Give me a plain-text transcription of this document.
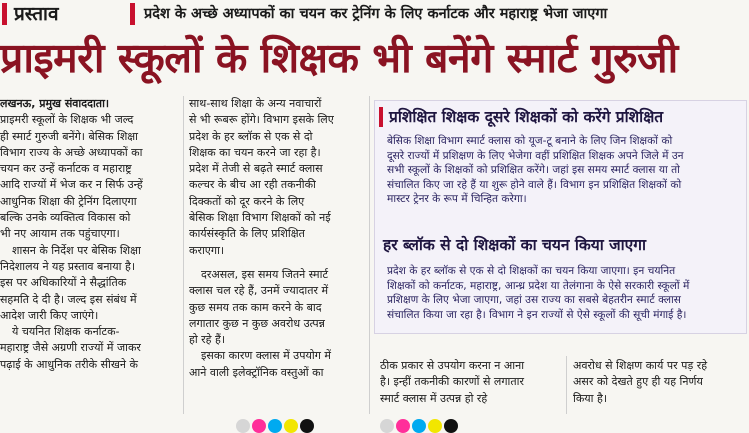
प्रस्ताव	प्रदेश के अच्छे अध्यापकों का चयन कर ट्रेनिंग के लिए कर्नाटक और महाराष्ट्र भेजा जाएगा
प्राइमरी स्कूलों के शिक्षक भी बनेंगे स्मार्ट गुरुजी

लखनऊ, प्रमुख संवाददाता।

प्राइमरी स्कूलों के शिक्षक भी जल्द

ही स्मार्ट गुरुजी बनेंगे। बेसिक शिक्षा

विभाग राज्य के अच्छे अध्यापकों का

चयन कर उन्हें कर्नाटक व महाराष्ट्र

आदि राज्यों में भेज कर न सिर्फ उन्हें

आधुनिक शिक्षा की ट्रेनिंग दिलाएगा

बल्कि उनके व्यक्तित्व विकास को

भी नए आयाम तक पहुंचाएगा।

शासन के निर्देश पर बेसिक शिक्षा

निदेशालय ने यह प्रस्ताव बनाया है।

इस पर अधिकारियों ने सैद्धांतिक

सहमति दे दी है। जल्द इस संबंध में

आदेश जारी किए जाएंगे।

ये चयनित शिक्षक कर्नाटक-

महाराष्ट्र जैसे अग्रणी राज्यों में जाकर

पढ़ाई के आधुनिक तरीके सीखने के

साथ-साथ शिक्षा के अन्य नवाचारों

से भी रूबरू होंगे। विभाग इसके लिए

प्रदेश के हर ब्लॉक से एक से दो

शिक्षक का चयन करने जा रहा है।

प्रदेश में तेजी से बढ़ते स्मार्ट क्लास

कल्चर के बीच आ रही तकनीकी

दिक्कतों को दूर करने के लिए

बेसिक शिक्षा विभाग शिक्षकों को नई

कार्यसंस्कृति के लिए प्रशिक्षित

कराएगा।

दरअसल, इस समय जितने स्मार्ट

क्लास चल रहे हैं, उनमें ज्यादातर में

कुछ समय तक काम करने के बाद

लगातार कुछ न कुछ अवरोध उत्पन्न

हो रहे हैं।

इसका कारण क्लास में उपयोग में

आने वाली इलेक्ट्रॉनिक वस्तुओं का

प्रशिक्षित शिक्षक दूसरे शिक्षकों को करेंगे प्रशिक्षित

बेसिक शिक्षा विभाग स्मार्ट क्लास को यूज-टू बनाने के लिए जिन शिक्षकों को

दूसरे राज्यों में प्रशिक्षण के लिए भेजेगा वहीं प्रशिक्षित शिक्षक अपने जिले में उन

सभी स्कूलों के शिक्षकों को प्रशिक्षित करेंगे। जहां इस समय स्मार्ट क्लास या तो

संचालित किए जा रहे हैं या शुरू होने वाले हैं। विभाग इन प्रशिक्षित शिक्षकों को

मास्टर ट्रेनर के रूप में चिन्हित करेगा।

हर ब्लॉक से दो शिक्षकों का चयन किया जाएगा

प्रदेश के हर ब्लॉक से एक से दो शिक्षकों का चयन किया जाएगा। इन चयनित

शिक्षकों को कर्नाटक, महाराष्ट्र, आन्ध्र प्रदेश या तेलंगाना के ऐसे सरकारी स्कूलों में

प्रशिक्षण के लिए भेजा जाएगा, जहां उस राज्य का सबसे बेहतरीन स्मार्ट क्लास

संचालित किया जा रहा है। विभाग ने इन राज्यों से ऐसे स्कूलों की सूची मंगाई है।

ठीक प्रकार से उपयोग करना न आना

है। इन्हीं तकनीकी कारणों से लगातार

स्मार्ट क्लास में उत्पन्न हो रहे

अवरोध से शिक्षण कार्य पर पड़ रहे

असर को देखते हुए ही यह निर्णय

किया है।
